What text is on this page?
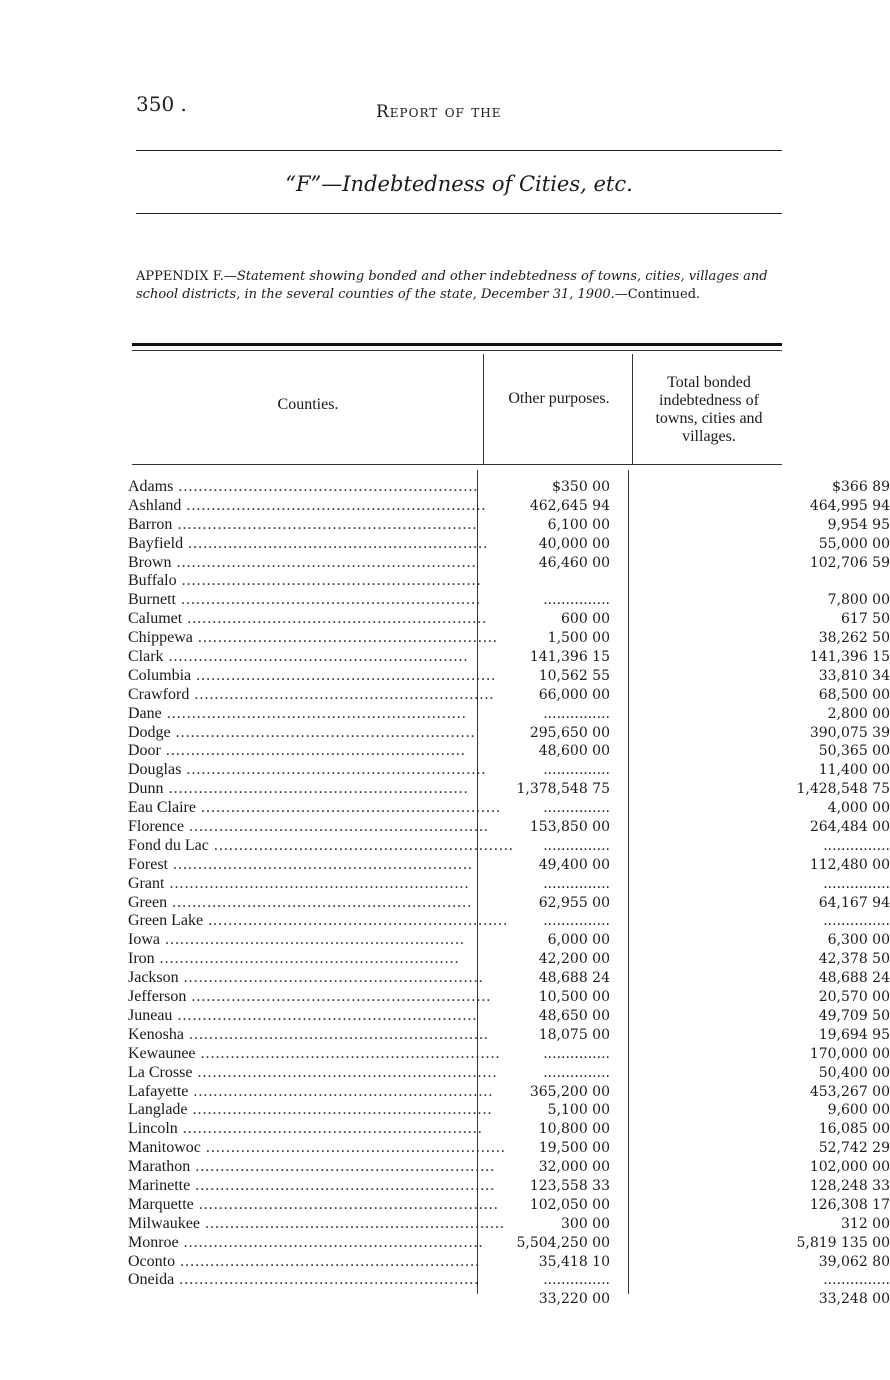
350 .	Report of the
“F”—Indebtedness of Cities, etc.
APPENDIX F.—Statement showing bonded and other indebtedness of towns, cities, villages and school districts, in the several counties of the state, December 31, 1900.—Continued.
Counties.	Other purposes.
Total bonded indebtedness of towns, cities and villages.
Adams ............................................................	$350 00	$366 89
Ashland ............................................................	462,645 94	464,995 94
Barron ............................................................	6,100 00	9,954 95
Bayfield ............................................................	40,000 00	55,000 00
Brown ............................................................	46,460 00	102,706 59
Buffalo ............................................................
Burnett ............................................................	...............	7,800 00
Calumet ............................................................	600 00	617 50
Chippewa ............................................................	1,500 00	38,262 50
Clark ............................................................	141,396 15	141,396 15
Columbia ............................................................	10,562 55	33,810 34
Crawford ............................................................	66,000 00	68,500 00
Dane ............................................................	...............	2,800 00
Dodge ............................................................	295,650 00	390,075 39
Door ............................................................	48,600 00	50,365 00
Douglas ............................................................	...............	11,400 00
Dunn ............................................................	1,378,548 75	1,428,548 75
Eau Claire ............................................................	...............	4,000 00
Florence ............................................................	153,850 00	264,484 00
Fond du Lac ............................................................	...............	...............
Forest ............................................................	49,400 00	112,480 00
Grant ............................................................	...............	...............
Green ............................................................	62,955 00	64,167 94
Green Lake ............................................................	...............	...............
Iowa ............................................................	6,000 00	6,300 00
Iron ............................................................	42,200 00	42,378 50
Jackson ............................................................	48,688 24	48,688 24
Jefferson ............................................................	10,500 00	20,570 00
Juneau ............................................................	48,650 00	49,709 50
Kenosha ............................................................	18,075 00	19,694 95
Kewaunee ............................................................	...............	170,000 00
La Crosse ............................................................	...............	50,400 00
Lafayette ............................................................	365,200 00	453,267 00
Langlade ............................................................	5,100 00	9,600 00
Lincoln ............................................................	10,800 00	16,085 00
Manitowoc ............................................................	19,500 00	52,742 29
Marathon ............................................................	32,000 00	102,000 00
Marinette ............................................................	123,558 33	128,248 33
Marquette ............................................................	102,050 00	126,308 17
Milwaukee ............................................................	300 00	312 00
Monroe ............................................................	5,504,250 00	5,819 135 00
Oconto ............................................................	35,418 10	39,062 80
Oneida ............................................................	...............	...............
33,220 00	33,248 00
